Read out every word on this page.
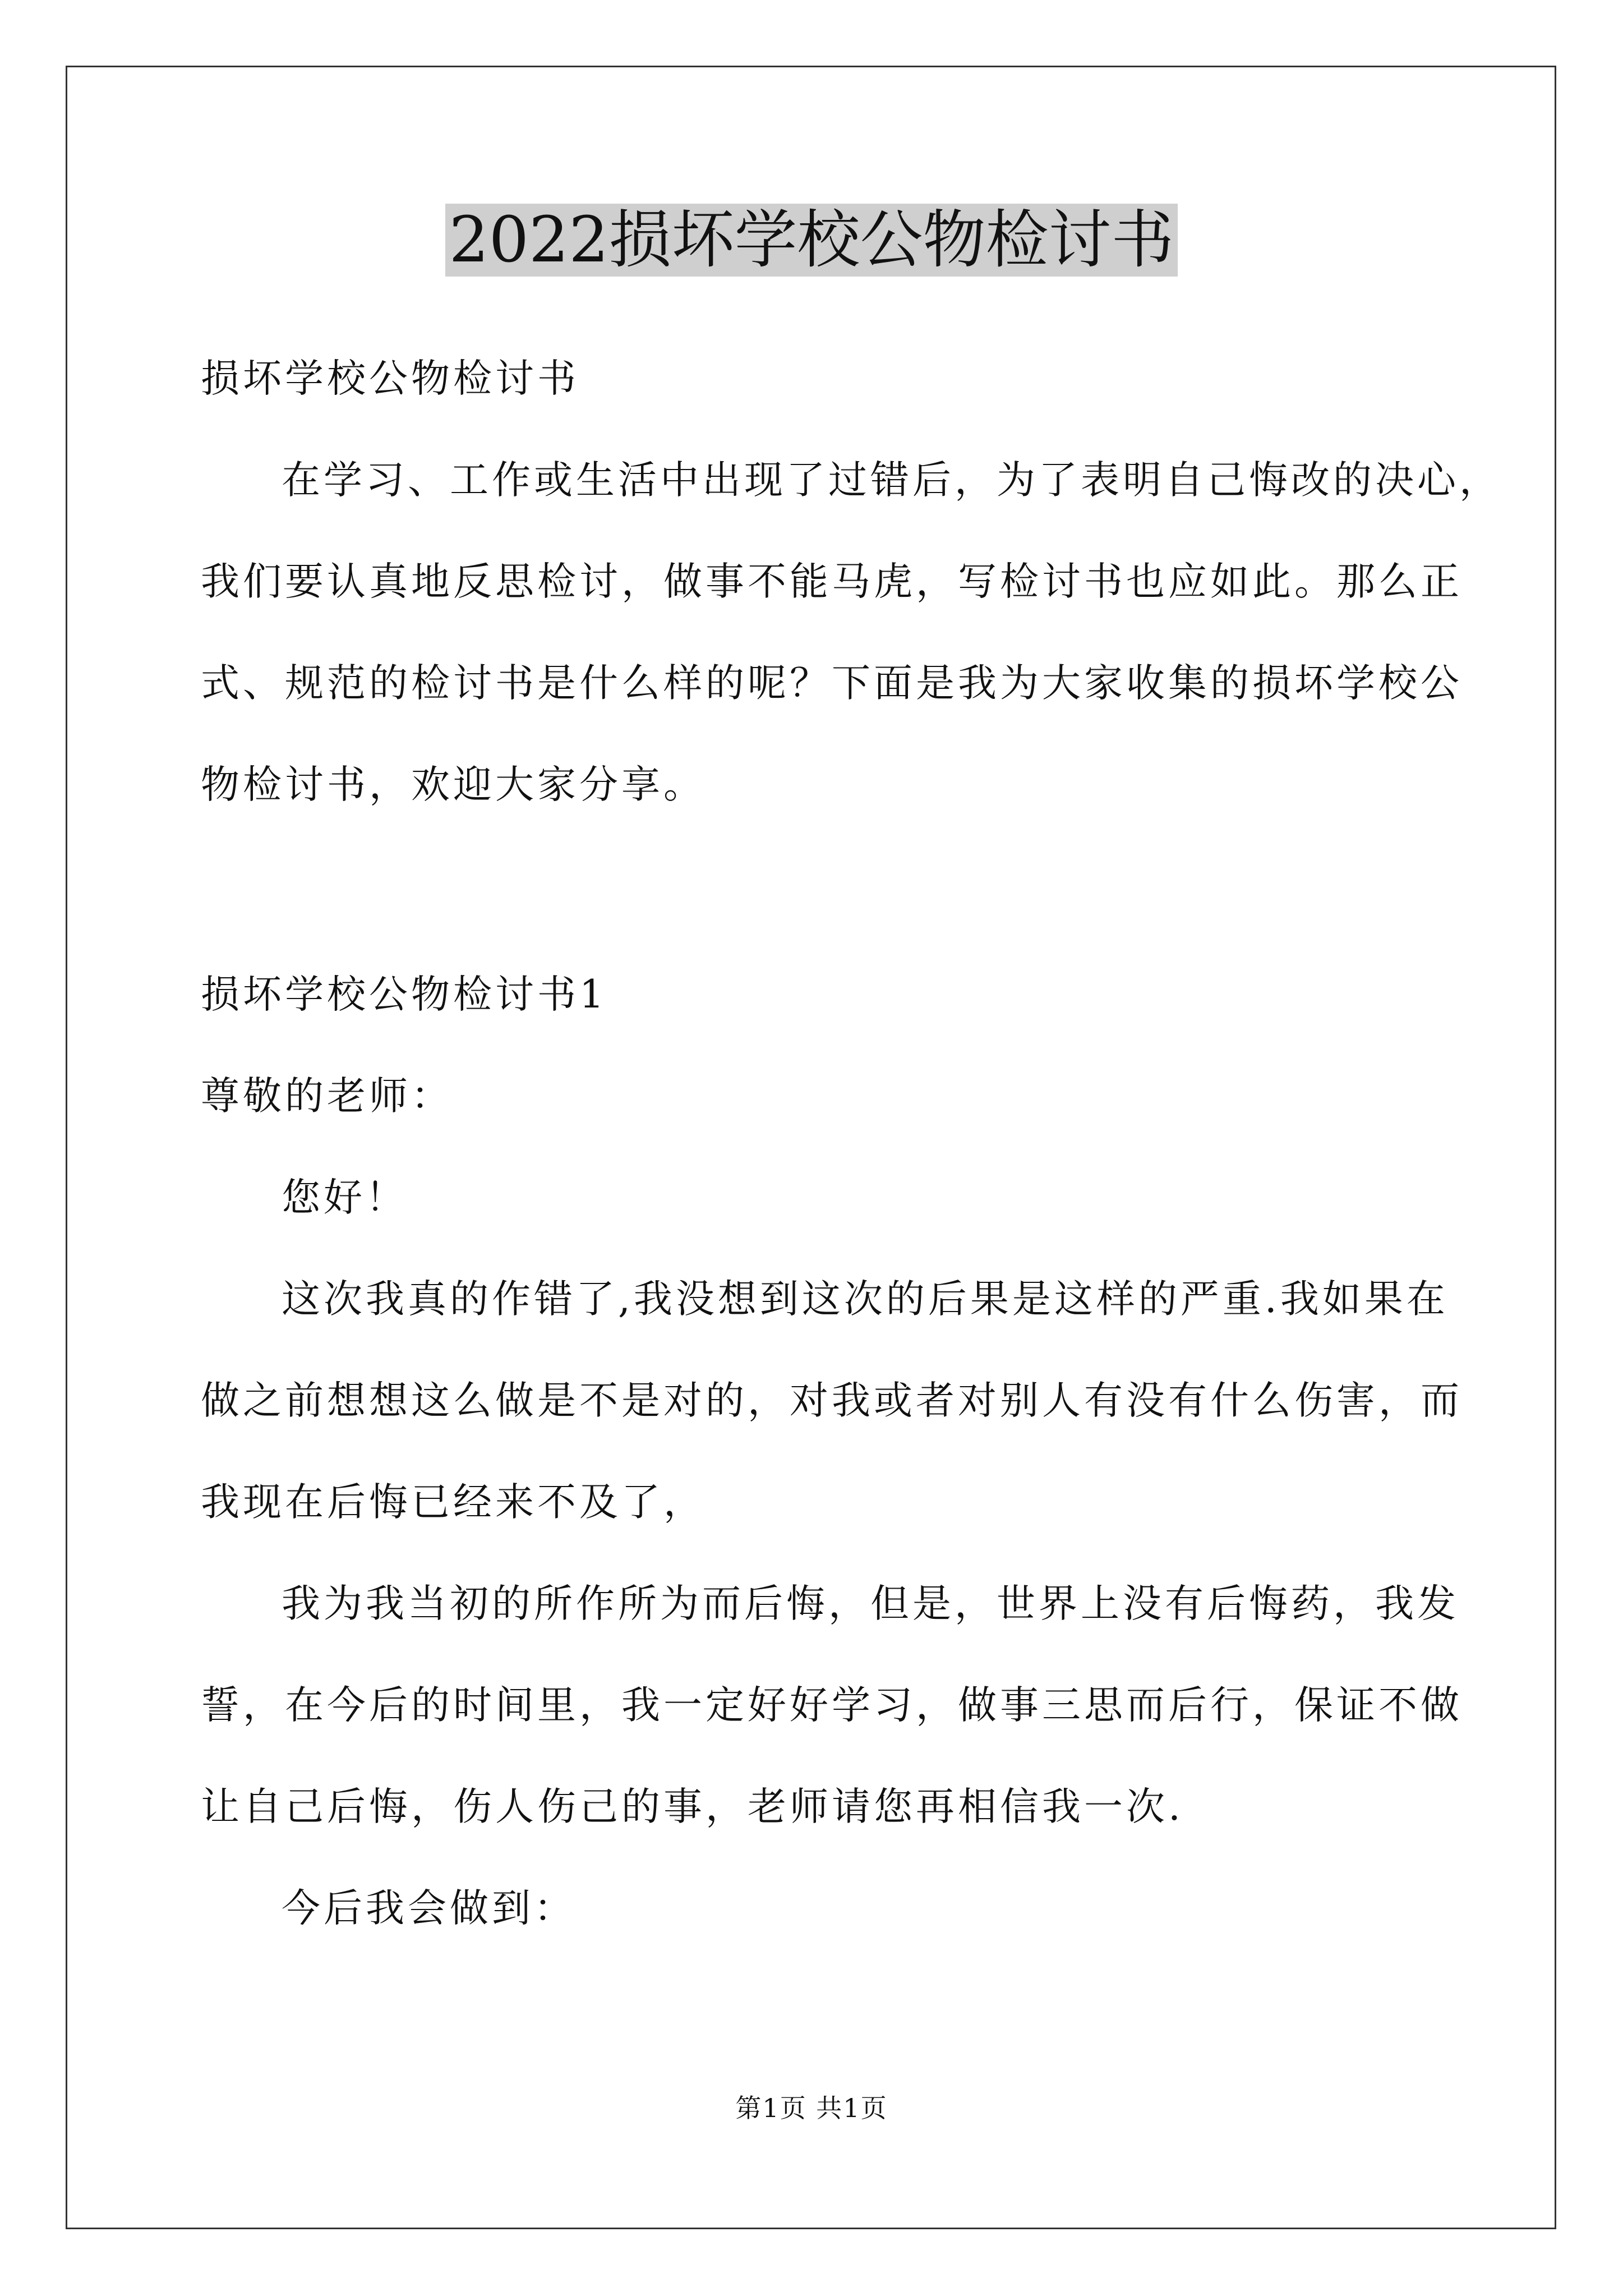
2022损坏学校公物检讨书

损坏学校公物检讨书

在学习、工作或生活中出现了过错后，为了表明自己悔改的决心，

我们要认真地反思检讨，做事不能马虎，写检讨书也应如此。那么正

式、规范的检讨书是什么样的呢？下面是我为大家收集的损坏学校公

物检讨书，欢迎大家分享。

损坏学校公物检讨书1

尊敬的老师：

您好！

这次我真的作错了,我没想到这次的后果是这样的严重.我如果在

做之前想想这么做是不是对的，对我或者对别人有没有什么伤害，而

我现在后悔已经来不及了，

我为我当初的所作所为而后悔，但是，世界上没有后悔药，我发

誓，在今后的时间里，我一定好好学习，做事三思而后行，保证不做

让自己后悔，伤人伤己的事，老师请您再相信我一次.

今后我会做到：

第1页 共1页
